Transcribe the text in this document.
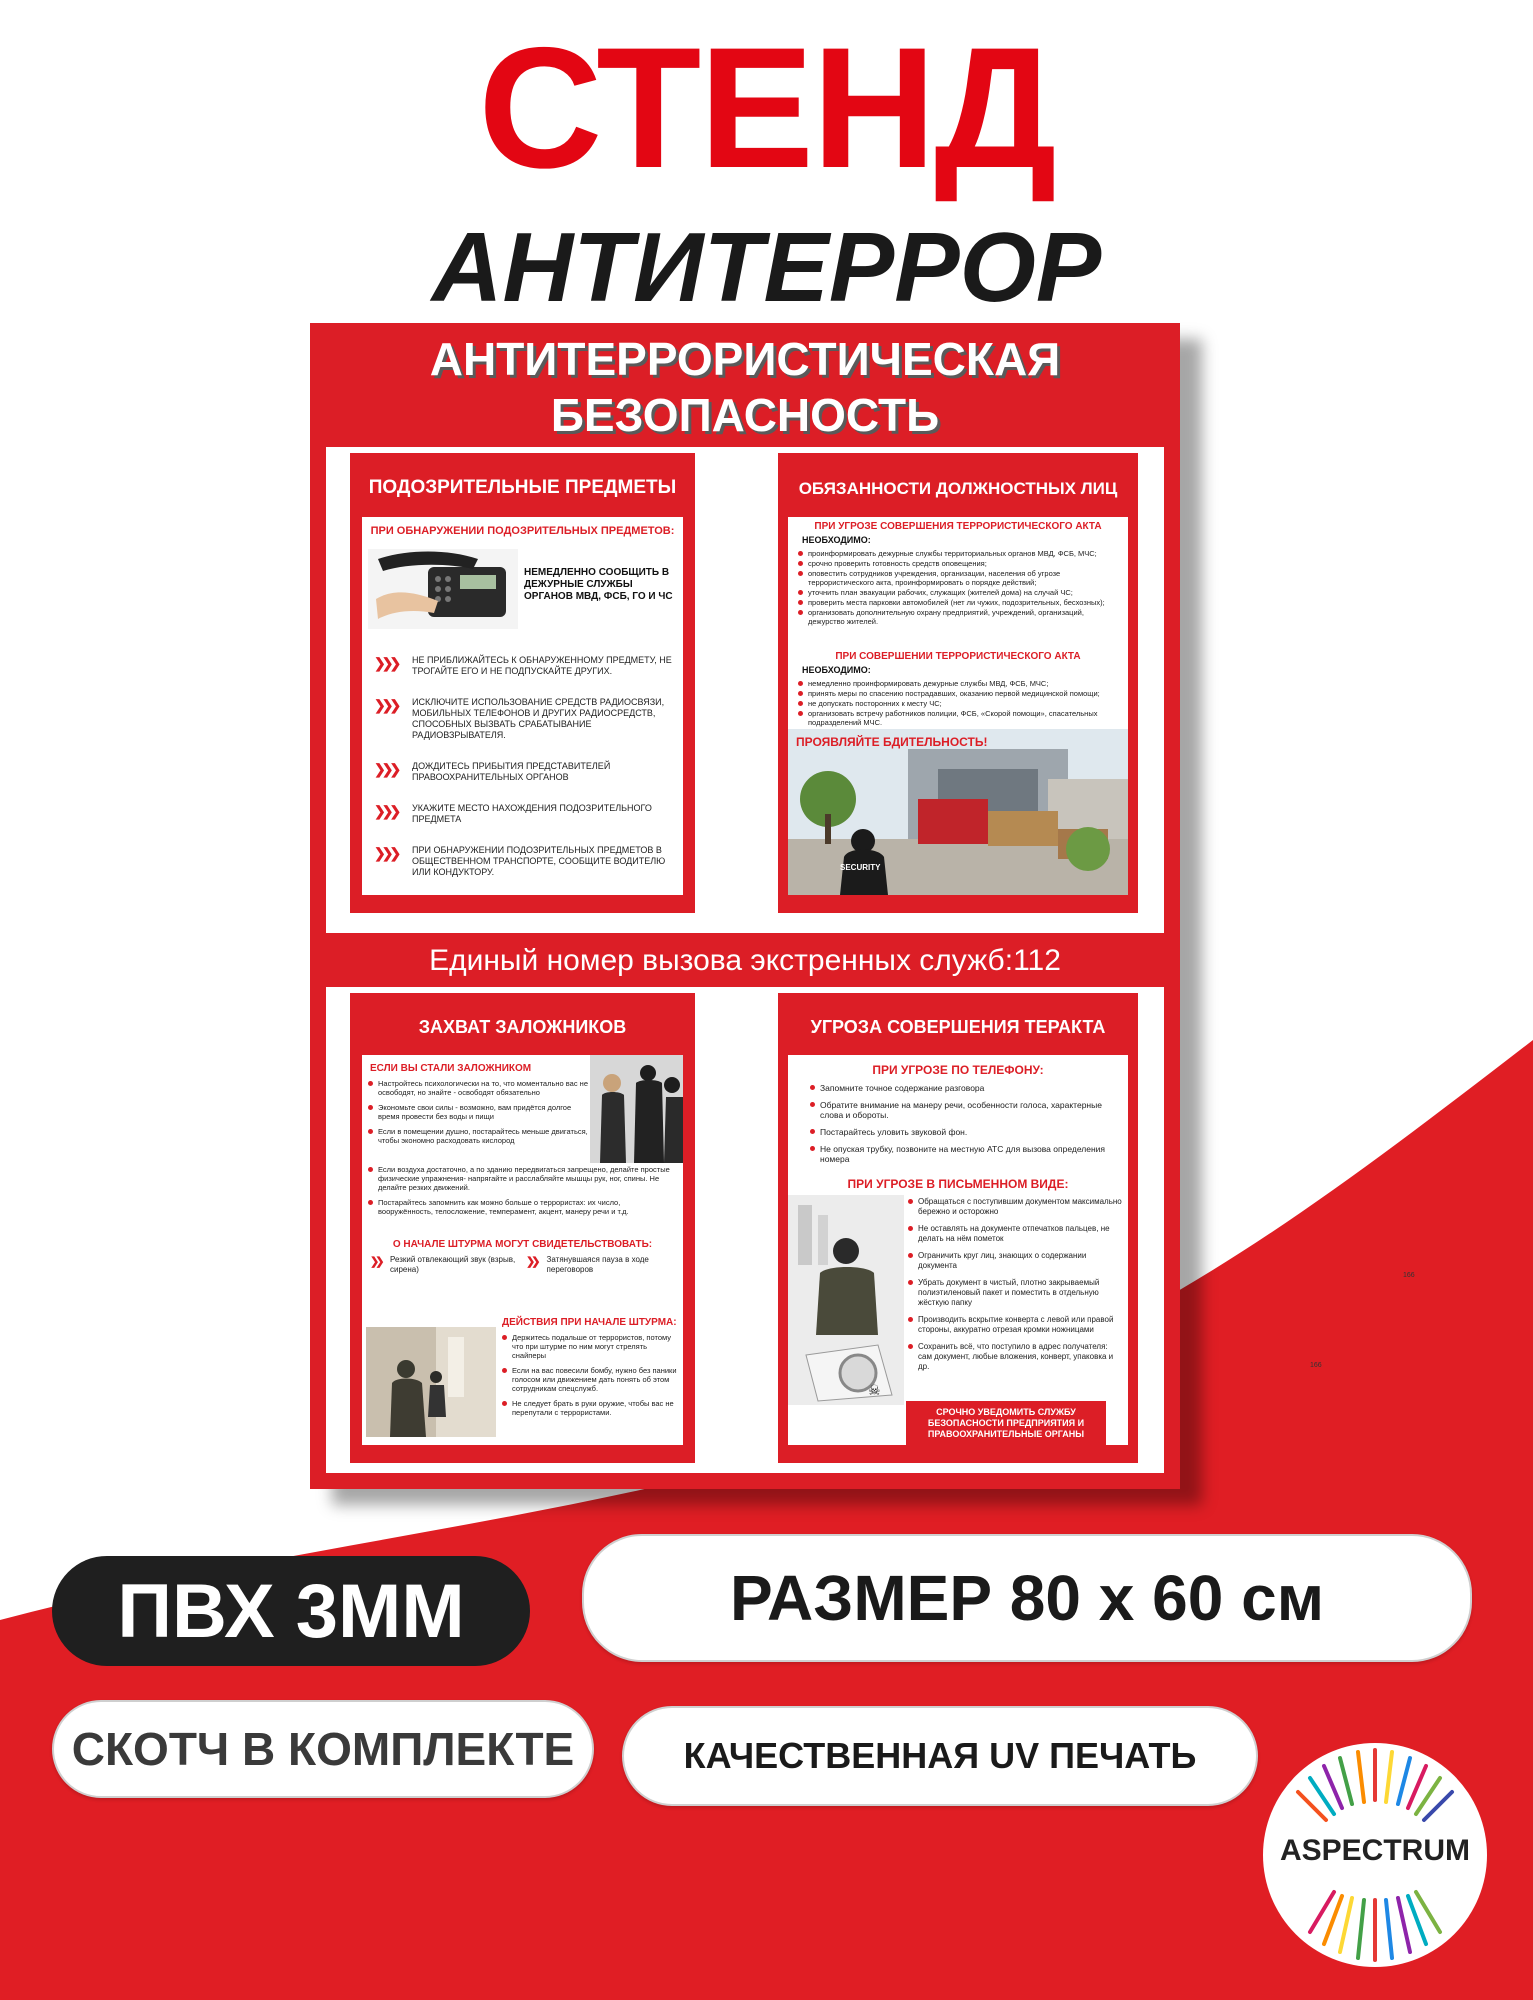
СТЕНД
АНТИТЕРРОР
АНТИТЕРРОРИСТИЧЕСКАЯ
БЕЗОПАСНОСТЬ
Единый номер вызова экстренных служб:112
ПОДОЗРИТЕЛЬНЫЕ ПРЕДМЕТЫ
ПРИ ОБНАРУЖЕНИИ ПОДОЗРИТЕЛЬНЫХ ПРЕДМЕТОВ:
НЕМЕДЛЕННО СООБЩИТЬ В ДЕЖУРНЫЕ СЛУЖБЫ ОРГАНОВ МВД, ФСБ, ГО И ЧС
❯❯❯	НЕ ПРИБЛИЖАЙТЕСЬ К ОБНАРУЖЕННОМУ ПРЕДМЕТУ, НЕ ТРОГАЙТЕ ЕГО И НЕ ПОДПУСКАЙТЕ ДРУГИХ.
❯❯❯	ИСКЛЮЧИТЕ ИСПОЛЬЗОВАНИЕ СРЕДСТВ РАДИОСВЯЗИ, МОБИЛЬНЫХ ТЕЛЕФОНОВ И ДРУГИХ РАДИОСРЕДСТВ, СПОСОБНЫХ ВЫЗВАТЬ СРАБАТЫВАНИЕ РАДИОВЗРЫВАТЕЛЯ.
❯❯❯	ДОЖДИТЕСЬ ПРИБЫТИЯ ПРЕДСТАВИТЕЛЕЙ ПРАВООХРАНИТЕЛЬНЫХ ОРГАНОВ
❯❯❯	УКАЖИТЕ МЕСТО НАХОЖДЕНИЯ ПОДОЗРИТЕЛЬНОГО ПРЕДМЕТА
❯❯❯	ПРИ ОБНАРУЖЕНИИ ПОДОЗРИТЕЛЬНЫХ ПРЕДМЕТОВ В ОБЩЕСТВЕННОМ ТРАНСПОРТЕ, СООБЩИТЕ ВОДИТЕЛЮ ИЛИ КОНДУКТОРУ.
ОБЯЗАННОСТИ ДОЛЖНОСТНЫХ ЛИЦ
ПРИ УГРОЗЕ СОВЕРШЕНИЯ ТЕРРОРИСТИЧЕСКОГО АКТА
НЕОБХОДИМО:
проинформировать дежурные службы территориальных органов МВД, ФСБ, МЧС;
срочно проверить готовность средств оповещения;
оповестить сотрудников учреждения, организации, населения об угрозе террористического акта, проинформировать о порядке действий;
уточнить план эвакуации рабочих, служащих (жителей дома) на случай ЧС;
проверить места парковки автомобилей (нет ли чужих, подозрительных, бесхозных);
организовать дополнительную охрану предприятий, учреждений, организаций, дежурство жителей.
ПРИ СОВЕРШЕНИИ ТЕРРОРИСТИЧЕСКОГО АКТА
НЕОБХОДИМО:
немедленно проинформировать дежурные службы МВД, ФСБ, МЧС;
принять меры по спасению пострадавших, оказанию первой медицинской помощи;
не допускать посторонних к месту ЧС;
организовать встречу работников полиции, ФСБ, «Скорой помощи», спасательных подразделений МЧС.
ПРОЯВЛЯЙТЕ БДИТЕЛЬНОСТЬ!
SECURITY
ЗАХВАТ ЗАЛОЖНИКОВ
ЕСЛИ ВЫ СТАЛИ ЗАЛОЖНИКОМ
Настройтесь психологически на то, что моментально вас не освободят, но знайте - освободят обязательно
Экономьте свои силы - возможно, вам придётся долгое время провести без воды и пищи
Если в помещении душно, постарайтесь меньше двигаться, чтобы экономно расходовать кислород
Если воздуха достаточно, а по зданию передвигаться запрещено, делайте простые физические упражнения- напрягайте и расслабляйте мышцы рук, ног, спины. Не делайте резких движений.
Постарайтесь запомнить как можно больше о террористах: их число, вооружённость, телосложение, темперамент, акцент, манеру речи и т.д.
О НАЧАЛЕ ШТУРМА МОГУТ СВИДЕТЕЛЬСТВОВАТЬ:
❯❯	Резкий отвлекающий звук (взрыв, сирена)
❯❯	Затянувшаяся пауза в ходе переговоров
ДЕЙСТВИЯ ПРИ НАЧАЛЕ ШТУРМА:
Держитесь подальше от террористов, потому что при штурме по ним могут стрелять снайперы
Если на вас повесили бомбу, нужно без паники голосом или движением дать понять об этом сотрудникам спецслужб.
Не следует брать в руки оружие, чтобы вас не перепутали с террористами.
УГРОЗА СОВЕРШЕНИЯ ТЕРАКТА
ПРИ УГРОЗЕ ПО ТЕЛЕФОНУ:
Запомните точное содержание разговора
Обратите внимание на манеру речи, особенности голоса, характерные слова и обороты.
Постарайтесь уловить звуковой фон.
Не опуская трубку, позвоните на местную АТС для вызова определения номера
ПРИ УГРОЗЕ В ПИСЬМЕННОМ ВИДЕ:
☠
Обращаться с поступившим документом максимально бережно и осторожно
Не оставлять на документе отпечатков пальцев, не делать на нём пометок
Ограничить круг лиц, знающих о содержании документа
Убрать документ в чистый, плотно закрываемый полиэтиленовый пакет и поместить в отдельную жёсткую папку
Производить вскрытие конверта с левой или правой стороны, аккуратно отрезая кромки ножницами
Сохранить всё, что поступило в адрес получателя: сам документ, любые вложения, конверт, упаковка и др.
СРОЧНО УВЕДОМИТЬ СЛУЖБУ БЕЗОПАСНОСТИ ПРЕДПРИЯТИЯ И ПРАВООХРАНИТЕЛЬНЫЕ ОРГАНЫ
142
166
166
ПВХ 3ММ	РАЗМЕР 80 х 60 см
СКОТЧ В КОМПЛЕКТЕ	КАЧЕСТВЕННАЯ UV ПЕЧАТЬ
ASPECTRUM
